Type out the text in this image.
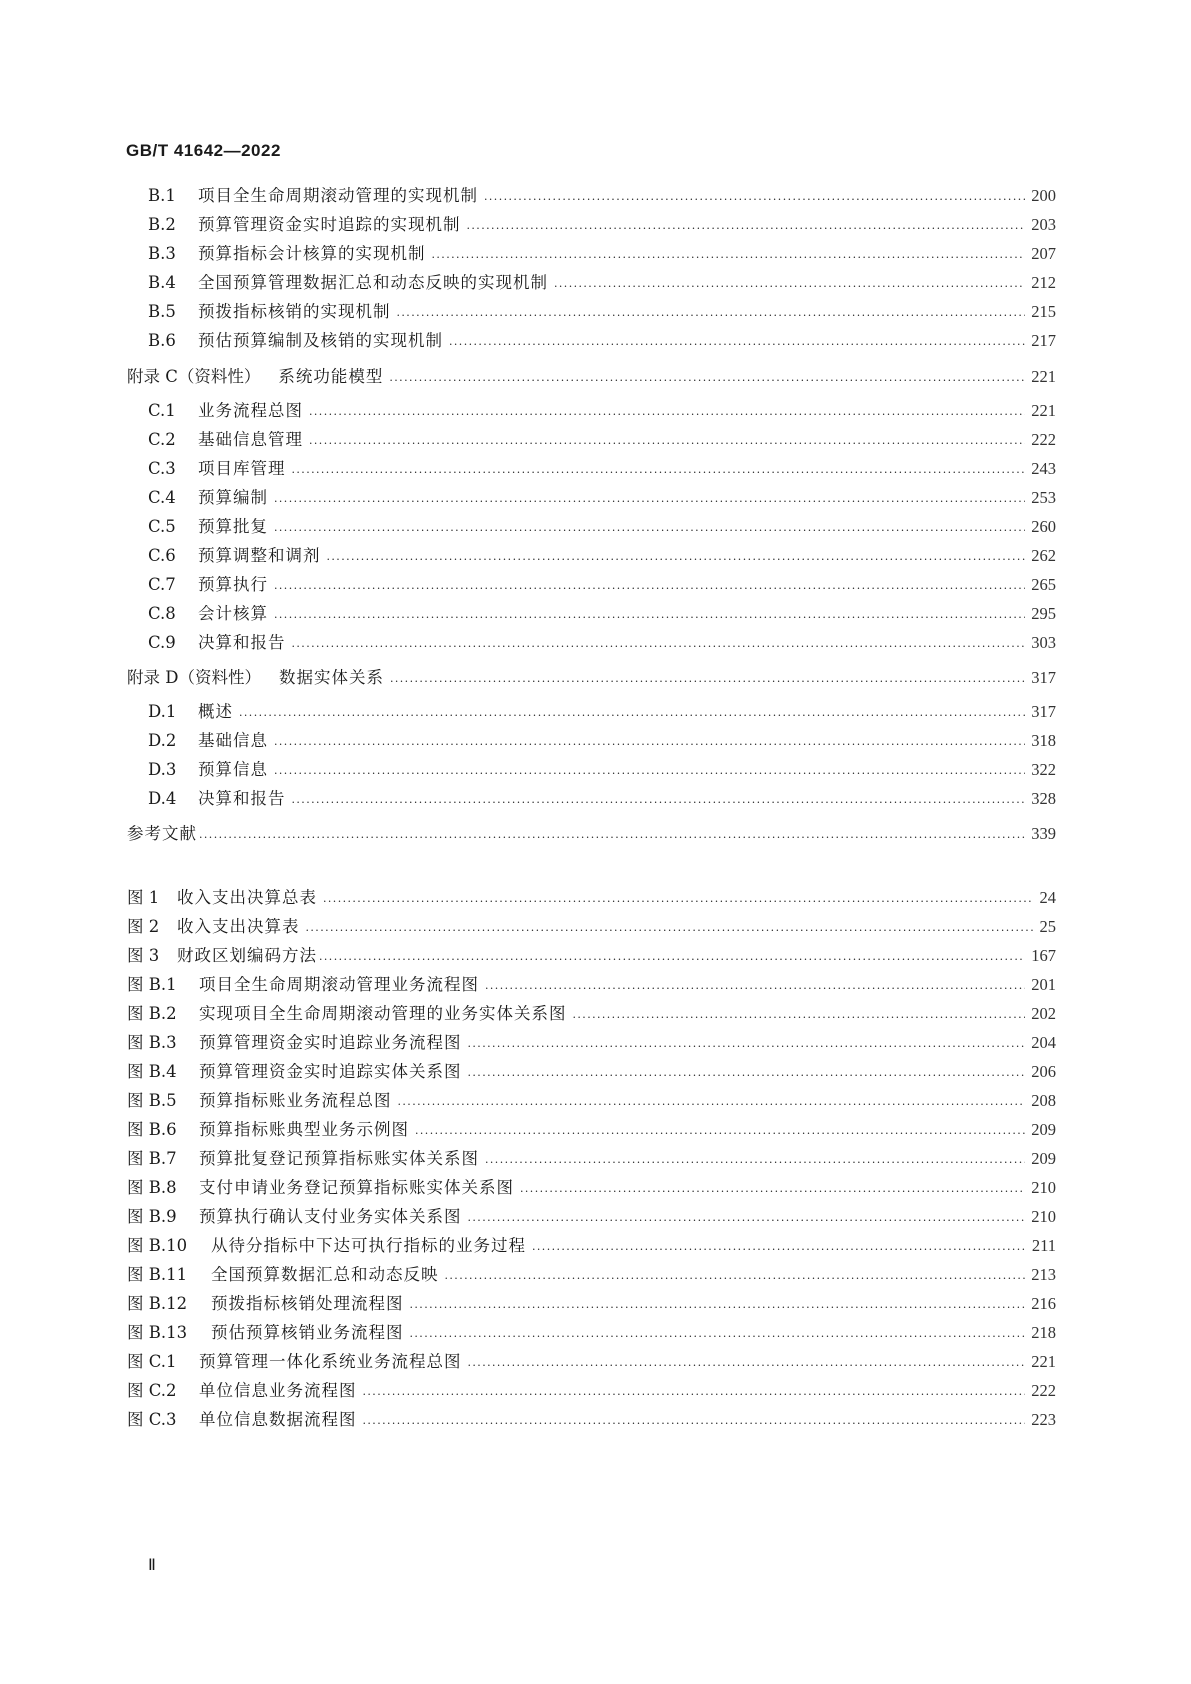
GB/T 41642—2022
B.1	项目全生命周期滚动管理的实现机制 ·····	200
B.2	预算管理资金实时追踪的实现机制 ·····	203
B.3	预算指标会计核算的实现机制 ·····	207
B.4	全国预算管理数据汇总和动态反映的实现机制 ·····	212
B.5	预拨指标核销的实现机制 ·····	215
B.6	预估预算编制及核销的实现机制 ·····	217
附录 C（资料性） 系统功能模型 ·····	221
C.1	业务流程总图 ·····	221
C.2	基础信息管理 ·····	222
C.3	项目库管理 ·····	243
C.4	预算编制 ·····	253
C.5	预算批复 ·····	260
C.6	预算调整和调剂 ·····	262
C.7	预算执行 ·····	265
C.8	会计核算 ·····	295
C.9	决算和报告 ·····	303
附录 D（资料性） 数据实体关系 ·····	317
D.1	概述 ·····	317
D.2	基础信息 ·····	318
D.3	预算信息 ·····	322
D.4	决算和报告 ·····	328
参考文献 ·····	339
图 1	收入支出决算总表 ·····	24
图 2	收入支出决算表 ·····	25
图 3	财政区划编码方法 ·····	167
图 B.1	项目全生命周期滚动管理业务流程图 ·····	201
图 B.2	实现项目全生命周期滚动管理的业务实体关系图 ·····	202
图 B.3	预算管理资金实时追踪业务流程图 ·····	204
图 B.4	预算管理资金实时追踪实体关系图 ·····	206
图 B.5	预算指标账业务流程总图 ·····	208
图 B.6	预算指标账典型业务示例图 ·····	209
图 B.7	预算批复登记预算指标账实体关系图 ·····	209
图 B.8	支付申请业务登记预算指标账实体关系图 ·····	210
图 B.9	预算执行确认支付业务实体关系图 ·····	210
图 B.10	从待分指标中下达可执行指标的业务过程 ·····	211
图 B.11	全国预算数据汇总和动态反映 ·····	213
图 B.12	预拨指标核销处理流程图 ·····	216
图 B.13	预估预算核销业务流程图 ·····	218
图 C.1	预算管理一体化系统业务流程总图 ·····	221
图 C.2	单位信息业务流程图 ·····	222
图 C.3	单位信息数据流程图 ·····	223
Ⅱ
